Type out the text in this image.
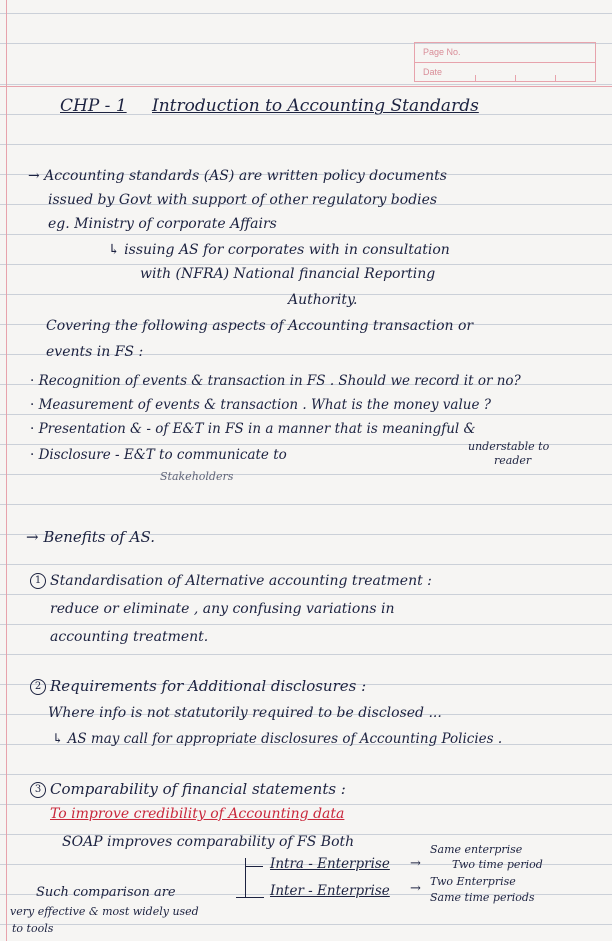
Page No.
Date
CHP - 1 Introduction to Accounting Standards
→ Accounting standards (AS) are written policy documents
issued by Govt with support of other regulatory bodies
eg. Ministry of corporate Affairs
↳ issuing AS for corporates with in consultation
with (NFRA) National financial Reporting
Authority.
Covering the following aspects of Accounting transaction or
events in FS :
· Recognition of events & transaction in FS . Should we record it or no?
· Measurement of events & transaction . What is the money value ?
· Presentation & - of E&T in FS in a manner that is meaningful &
understable to
· Disclosure - E&T to communicate to	reader
Stakeholders
→ Benefits of AS.
1 Standardisation of Alternative accounting treatment :
reduce or eliminate , any confusing variations in
accounting treatment.
2 Requirements for Additional disclosures :
Where info is not statutorily required to be disclosed ...
↳ AS may call for appropriate disclosures of Accounting Policies .
3 Comparability of financial statements :
To improve credibility of Accounting data
SOAP improves comparability of FS Both
Intra - Enterprise →
Same enterprise
Two time period
Inter - Enterprise → Two Enterprise
Same time periods
Such comparison are
very effective & most widely used
to tools
